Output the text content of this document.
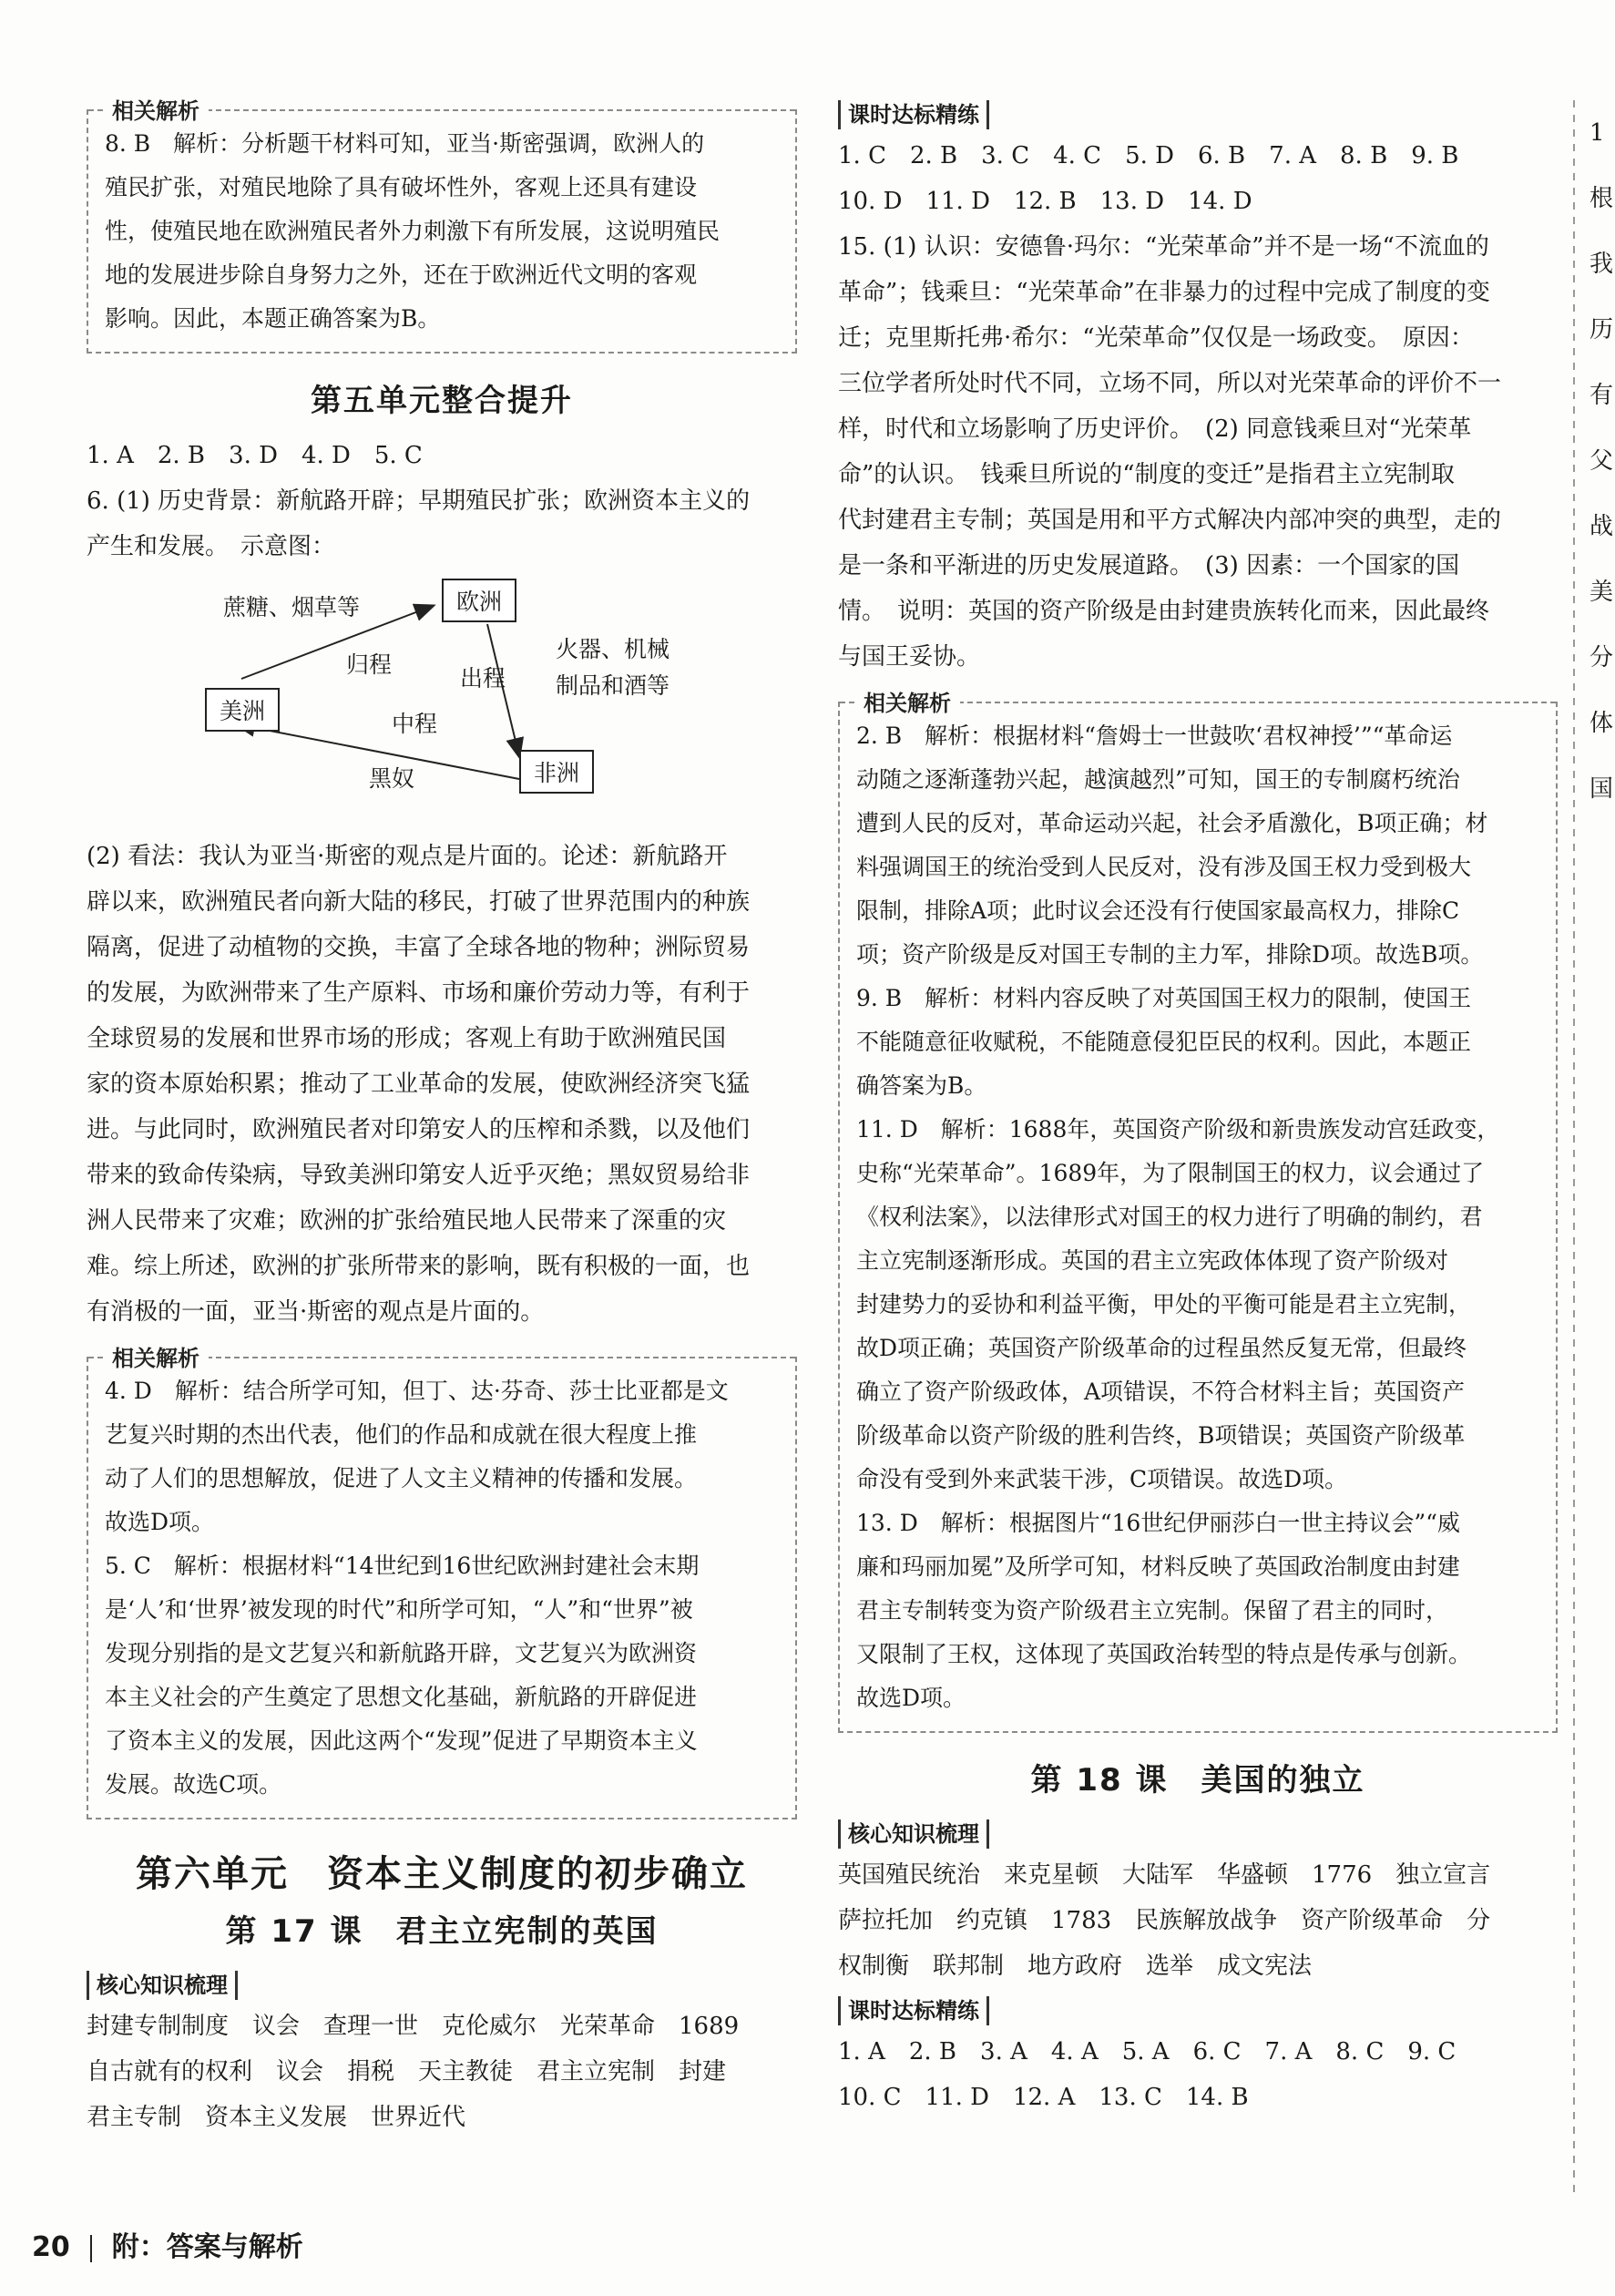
相关解析

8. B　解析：分析题干材料可知，亚当·斯密强调，欧洲人的

殖民扩张，对殖民地除了具有破坏性外，客观上还具有建设

性，使殖民地在欧洲殖民者外力刺激下有所发展，这说明殖民

地的发展进步除自身努力之外，还在于欧洲近代文明的客观

影响。因此，本题正确答案为B。

第五单元整合提升

1. A　2. B　3. D　4. D　5. C

6. (1) 历史背景：新航路开辟；早期殖民扩张；欧洲资本主义的

产生和发展。　示意图：

欧洲
美洲
非洲
蔗糖、烟草等
归程
出程
火器、机械
制品和酒等
中程
黑奴

(2) 看法：我认为亚当·斯密的观点是片面的。论述：新航路开

辟以来，欧洲殖民者向新大陆的移民，打破了世界范围内的种族

隔离，促进了动植物的交换，丰富了全球各地的物种；洲际贸易

的发展，为欧洲带来了生产原料、市场和廉价劳动力等，有利于

全球贸易的发展和世界市场的形成；客观上有助于欧洲殖民国

家的资本原始积累；推动了工业革命的发展，使欧洲经济突飞猛

进。与此同时，欧洲殖民者对印第安人的压榨和杀戮，以及他们

带来的致命传染病，导致美洲印第安人近乎灭绝；黑奴贸易给非

洲人民带来了灾难；欧洲的扩张给殖民地人民带来了深重的灾

难。综上所述，欧洲的扩张所带来的影响，既有积极的一面，也

有消极的一面，亚当·斯密的观点是片面的。

相关解析

4. D　解析：结合所学可知，但丁、达·芬奇、莎士比亚都是文

艺复兴时期的杰出代表，他们的作品和成就在很大程度上推

动了人们的思想解放，促进了人文主义精神的传播和发展。

故选D项。

5. C　解析：根据材料“14世纪到16世纪欧洲封建社会末期

是‘人’和‘世界’被发现的时代”和所学可知，“人”和“世界”被

发现分别指的是文艺复兴和新航路开辟，文艺复兴为欧洲资

本主义社会的产生奠定了思想文化基础，新航路的开辟促进

了资本主义的发展，因此这两个“发现”促进了早期资本主义

发展。故选C项。

第六单元　资本主义制度的初步确立
第 17 课　君主立宪制的英国
核心知识梳理

封建专制制度　议会　查理一世　克伦威尔　光荣革命　1689

自古就有的权利　议会　捐税　天主教徒　君主立宪制　封建

君主专制　资本主义发展　世界近代

课时达标精练

1. C　2. B　3. C　4. C　5. D　6. B　7. A　8. B　9. B

10. D　11. D　12. B　13. D　14. D

15. (1) 认识：安德鲁·玛尔：“光荣革命”并不是一场“不流血的

革命”；钱乘旦：“光荣革命”在非暴力的过程中完成了制度的变

迁；克里斯托弗·希尔：“光荣革命”仅仅是一场政变。　原因：

三位学者所处时代不同，立场不同，所以对光荣革命的评价不一

样，时代和立场影响了历史评价。　(2) 同意钱乘旦对“光荣革

命”的认识。　钱乘旦所说的“制度的变迁”是指君主立宪制取

代封建君主专制；英国是用和平方式解决内部冲突的典型，走的

是一条和平渐进的历史发展道路。　(3) 因素：一个国家的国

情。　说明：英国的资产阶级是由封建贵族转化而来，因此最终

与国王妥协。

相关解析

2. B　解析：根据材料“詹姆士一世鼓吹‘君权神授’”“革命运

动随之逐渐蓬勃兴起，越演越烈”可知，国王的专制腐朽统治

遭到人民的反对，革命运动兴起，社会矛盾激化，B项正确；材

料强调国王的统治受到人民反对，没有涉及国王权力受到极大

限制，排除A项；此时议会还没有行使国家最高权力，排除C

项；资产阶级是反对国王专制的主力军，排除D项。故选B项。

9. B　解析：材料内容反映了对英国国王权力的限制，使国王

不能随意征收赋税，不能随意侵犯臣民的权利。因此，本题正

确答案为B。

11. D　解析：1688年，英国资产阶级和新贵族发动宫廷政变，

史称“光荣革命”。1689年，为了限制国王的权力，议会通过了

《权利法案》，以法律形式对国王的权力进行了明确的制约，君

主立宪制逐渐形成。英国的君主立宪政体体现了资产阶级对

封建势力的妥协和利益平衡，甲处的平衡可能是君主立宪制，

故D项正确；英国资产阶级革命的过程虽然反复无常，但最终

确立了资产阶级政体，A项错误，不符合材料主旨；英国资产

阶级革命以资产阶级的胜利告终，B项错误；英国资产阶级革

命没有受到外来武装干涉，C项错误。故选D项。

13. D　解析：根据图片“16世纪伊丽莎白一世主持议会”“威

廉和玛丽加冕”及所学可知，材料反映了英国政治制度由封建

君主专制转变为资产阶级君主立宪制。保留了君主的同时，

又限制了王权，这体现了英国政治转型的特点是传承与创新。

故选D项。

第 18 课　美国的独立
核心知识梳理

英国殖民统治　来克星顿　大陆军　华盛顿　1776　独立宣言

萨拉托加　约克镇　1783　民族解放战争　资产阶级革命　分

权制衡　联邦制　地方政府　选举　成文宪法

课时达标精练

1. A　2. B　3. A　4. A　5. A　6. C　7. A　8. C　9. C

10. C　11. D　12. A　13. C　14. B

1
根
我
历
有
父
战
美
分
体
国
20 附：答案与解析
